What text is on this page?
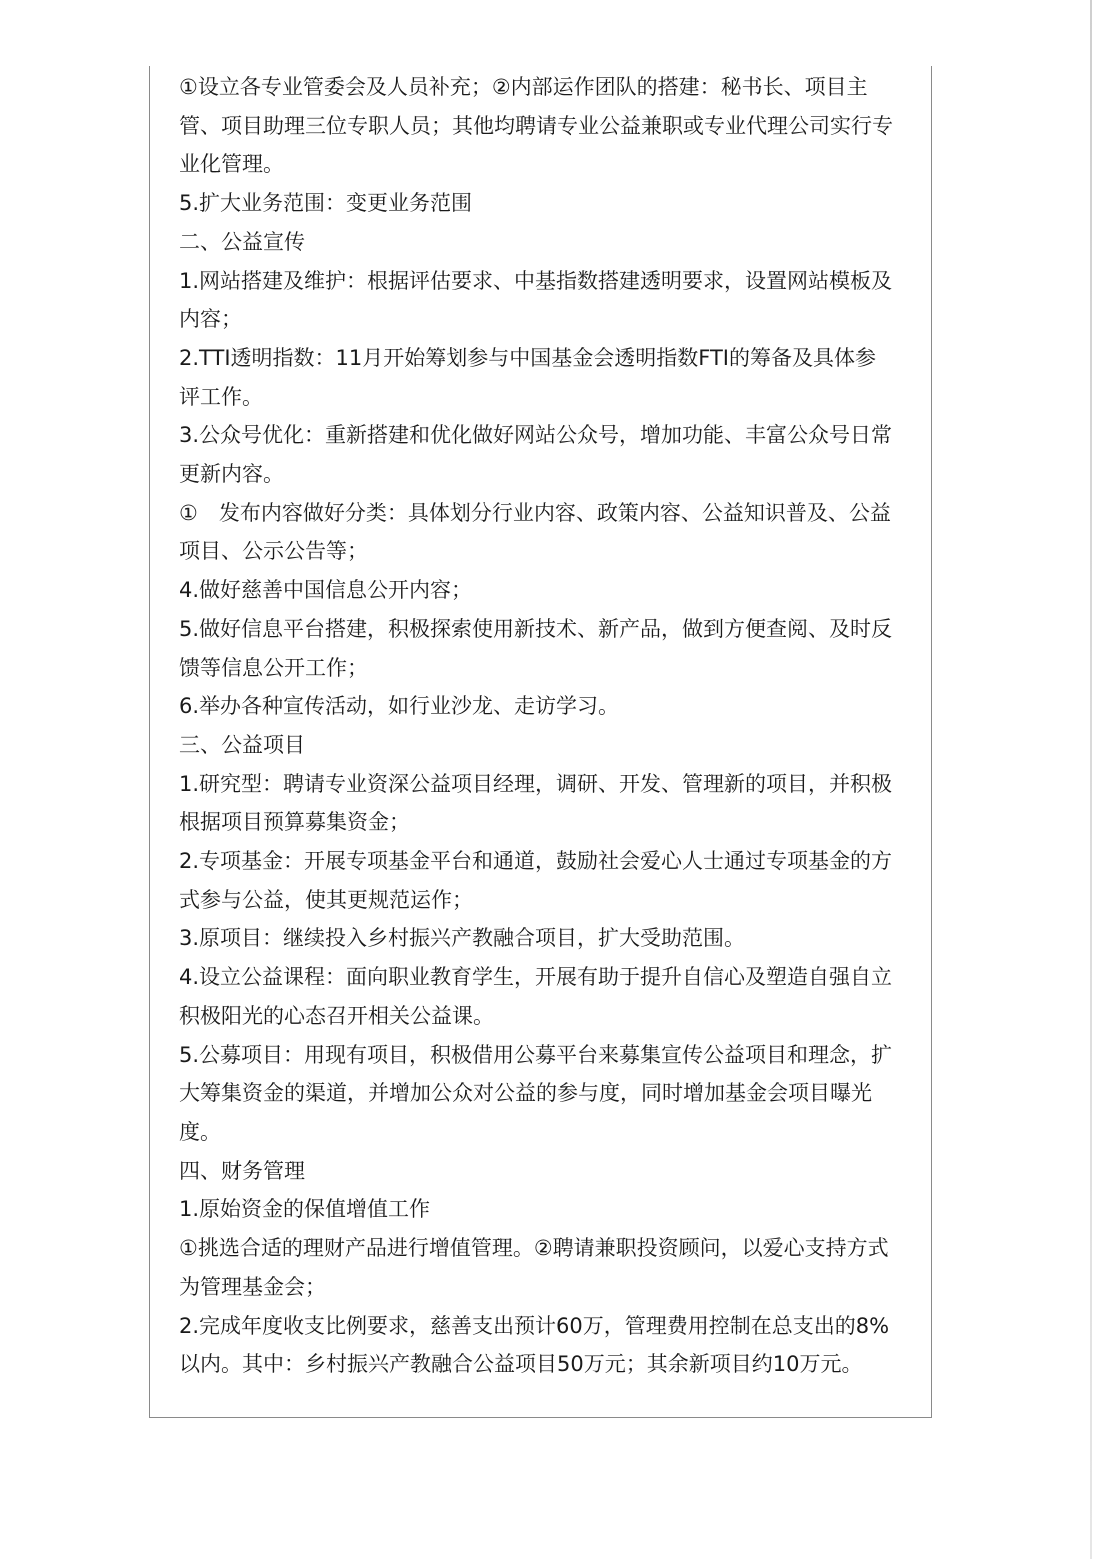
①设立各专业管委会及人员补充；②内部运作团队的搭建：秘书长、项目主管、项目助理三位专职人员；其他均聘请专业公益兼职或专业代理公司实行专业化管理。

5.扩大业务范围：变更业务范围

二、公益宣传

1.网站搭建及维护：根据评估要求、中基指数搭建透明要求，设置网站模板及内容；

2.TTI透明指数：11月开始筹划参与中国基金会透明指数FTI的筹备及具体参评工作。

3.公众号优化：重新搭建和优化做好网站公众号，增加功能、丰富公众号日常更新内容。

①　发布内容做好分类：具体划分行业内容、政策内容、公益知识普及、公益项目、公示公告等；

4.做好慈善中国信息公开内容；

5.做好信息平台搭建，积极探索使用新技术、新产品，做到方便查阅、及时反馈等信息公开工作；

6.举办各种宣传活动，如行业沙龙、走访学习。

三、公益项目

1.研究型：聘请专业资深公益项目经理，调研、开发、管理新的项目，并积极根据项目预算募集资金；

2.专项基金：开展专项基金平台和通道，鼓励社会爱心人士通过专项基金的方式参与公益，使其更规范运作；

3.原项目：继续投入乡村振兴产教融合项目，扩大受助范围。

4.设立公益课程：面向职业教育学生，开展有助于提升自信心及塑造自强自立积极阳光的心态召开相关公益课。

5.公募项目：用现有项目，积极借用公募平台来募集宣传公益项目和理念，扩大筹集资金的渠道，并增加公众对公益的参与度，同时增加基金会项目曝光度。

四、财务管理

1.原始资金的保值增值工作

①挑选合适的理财产品进行增值管理。②聘请兼职投资顾问，以爱心支持方式为管理基金会；

2.完成年度收支比例要求，慈善支出预计60万，管理费用控制在总支出的8%以内。其中：乡村振兴产教融合公益项目50万元；其余新项目约10万元。
